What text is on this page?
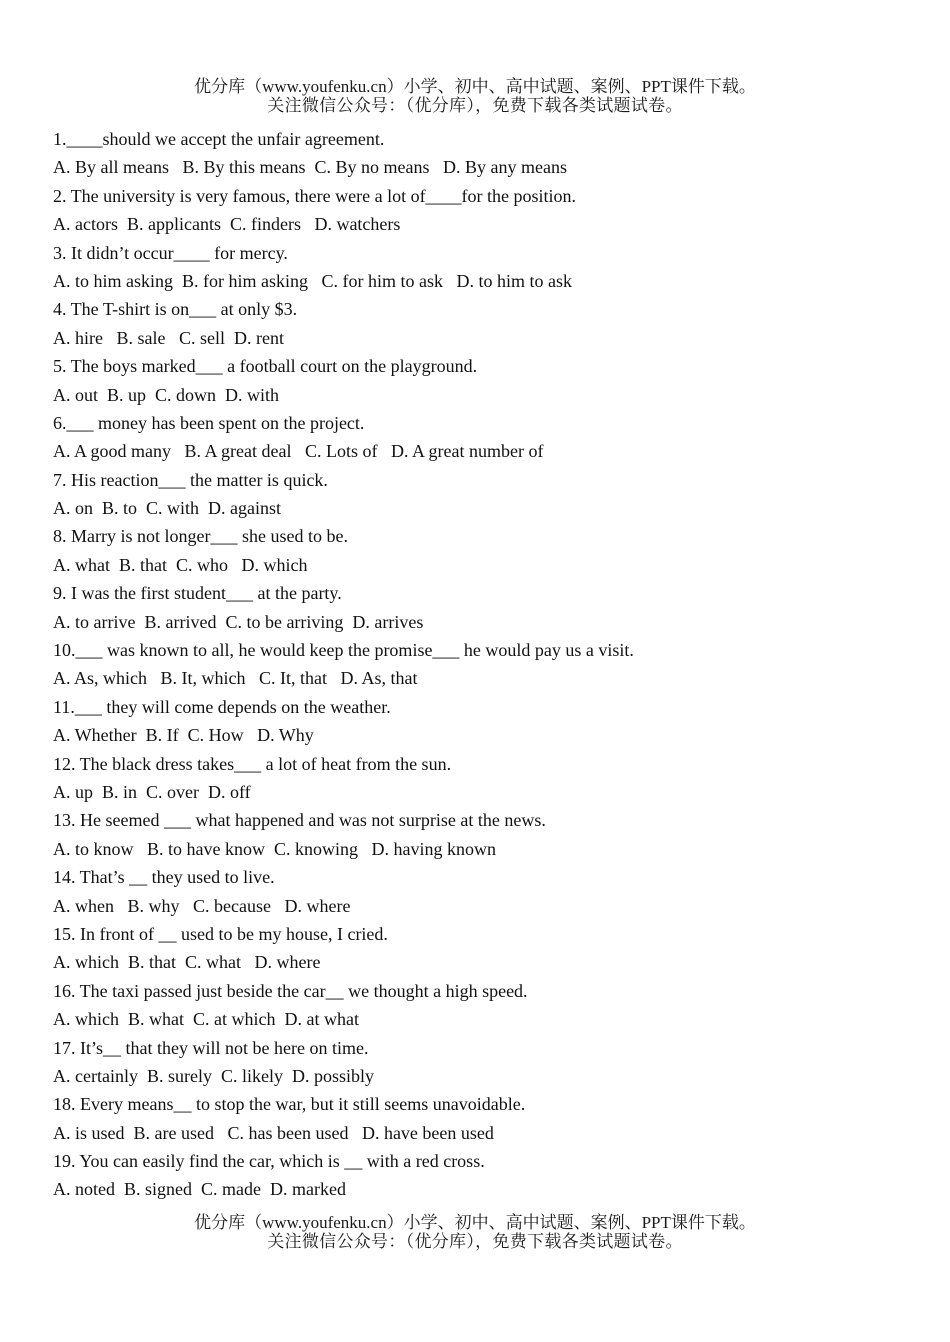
优分库（www.youfenku.cn）小学、初中、高中试题、案例、PPT课件下载。
关注微信公众号：（优分库），免费下载各类试题试卷。
1.____should we accept the unfair agreement.
A. By all means   B. By this means  C. By no means   D. By any means
2. The university is very famous, there were a lot of____for the position.
A. actors  B. applicants  C. finders   D. watchers
3. It didn’t occur____ for mercy.
A. to him asking  B. for him asking   C. for him to ask   D. to him to ask
4. The T-shirt is on___ at only $3.
A. hire   B. sale   C. sell  D. rent
5. The boys marked___ a football court on the playground.
A. out  B. up  C. down  D. with
6.___ money has been spent on the project.
A. A good many   B. A great deal   C. Lots of   D. A great number of
7. His reaction___ the matter is quick.
A. on  B. to  C. with  D. against
8. Marry is not longer___ she used to be.
A. what  B. that  C. who   D. which
9. I was the first student___ at the party.
A. to arrive  B. arrived  C. to be arriving  D. arrives
10.___ was known to all, he would keep the promise___ he would pay us a visit.
A. As, which   B. It, which   C. It, that   D. As, that
11.___ they will come depends on the weather.
A. Whether  B. If  C. How   D. Why
12. The black dress takes___ a lot of heat from the sun.
A. up  B. in  C. over  D. off
13. He seemed ___ what happened and was not surprise at the news.
A. to know   B. to have know  C. knowing   D. having known
14. That’s __ they used to live.
A. when   B. why   C. because   D. where
15. In front of __ used to be my house, I cried.
A. which  B. that  C. what   D. where
16. The taxi passed just beside the car__ we thought a high speed.
A. which  B. what  C. at which  D. at what
17. It’s__ that they will not be here on time.
A. certainly  B. surely  C. likely  D. possibly
18. Every means__ to stop the war, but it still seems unavoidable.
A. is used  B. are used   C. has been used   D. have been used
19. You can easily find the car, which is __ with a red cross.
A. noted  B. signed  C. made  D. marked
优分库（www.youfenku.cn）小学、初中、高中试题、案例、PPT课件下载。
关注微信公众号：（优分库），免费下载各类试题试卷。
